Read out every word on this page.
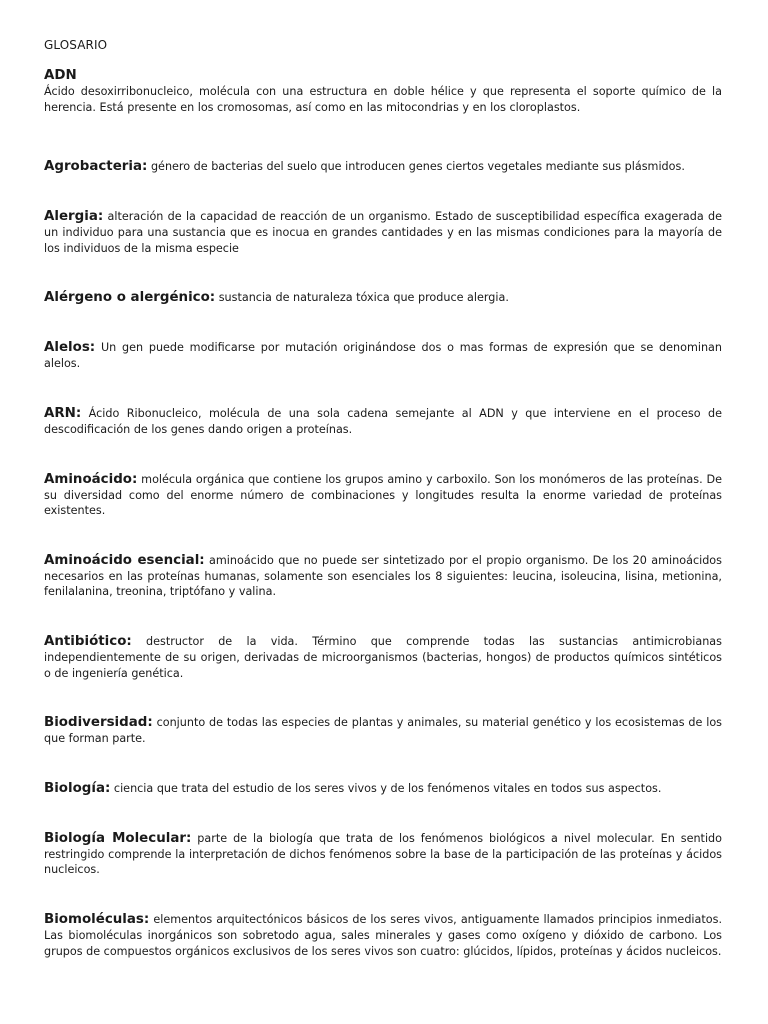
GLOSARIO

ADN
Ácido desoxirribonucleico, molécula con una estructura en doble hélice y que representa el soporte químico de la herencia. Está presente en los cromosomas, así como en las mitocondrias y en los cloroplastos.

Agrobacteria: género de bacterias del suelo que introducen genes ciertos vegetales mediante sus plásmidos.

Alergia: alteración de la capacidad de reacción de un organismo. Estado de susceptibilidad específica exagerada de un individuo para una sustancia que es inocua en grandes cantidades y en las mismas condiciones para la mayoría de los individuos de la misma especie

Alérgeno o alergénico: sustancia de naturaleza tóxica que produce alergia.

Alelos: Un gen puede modificarse por mutación originándose dos o mas formas de expresión que se denominan alelos.

ARN: Ácido Ribonucleico, molécula de una sola cadena semejante al ADN y que interviene en el proceso de descodificación de los genes dando origen a proteínas.

Aminoácido: molécula orgánica que contiene los grupos amino y carboxilo. Son los monómeros de las proteínas. De su diversidad como del enorme número de combinaciones y longitudes resulta la enorme variedad de proteínas existentes.

Aminoácido esencial: aminoácido que no puede ser sintetizado por el propio organismo. De los 20 aminoácidos necesarios en las proteínas humanas, solamente son esenciales los 8 siguientes: leucina, isoleucina, lisina, metionina, fenilalanina, treonina, triptófano y valina.

Antibiótico: destructor de la vida. Término que comprende todas las sustancias antimicrobianas independientemente de su origen, derivadas de microorganismos (bacterias, hongos) de productos químicos sintéticos o de ingeniería genética.

Biodiversidad: conjunto de todas las especies de plantas y animales, su material genético y los ecosistemas de los que forman parte.

Biología: ciencia que trata del estudio de los seres vivos y de los fenómenos vitales en todos sus aspectos.

Biología Molecular: parte de la biología que trata de los fenómenos biológicos a nivel molecular. En sentido restringido comprende la interpretación de dichos fenómenos sobre la base de la participación de las proteínas y ácidos nucleicos.

Biomoléculas: elementos arquitectónicos básicos de los seres vivos, antiguamente llamados principios inmediatos. Las biomoléculas inorgánicos son sobretodo agua, sales minerales y gases como oxígeno y dióxido de carbono. Los grupos de compuestos orgánicos exclusivos de los seres vivos son cuatro: glúcidos, lípidos, proteínas y ácidos nucleicos.
